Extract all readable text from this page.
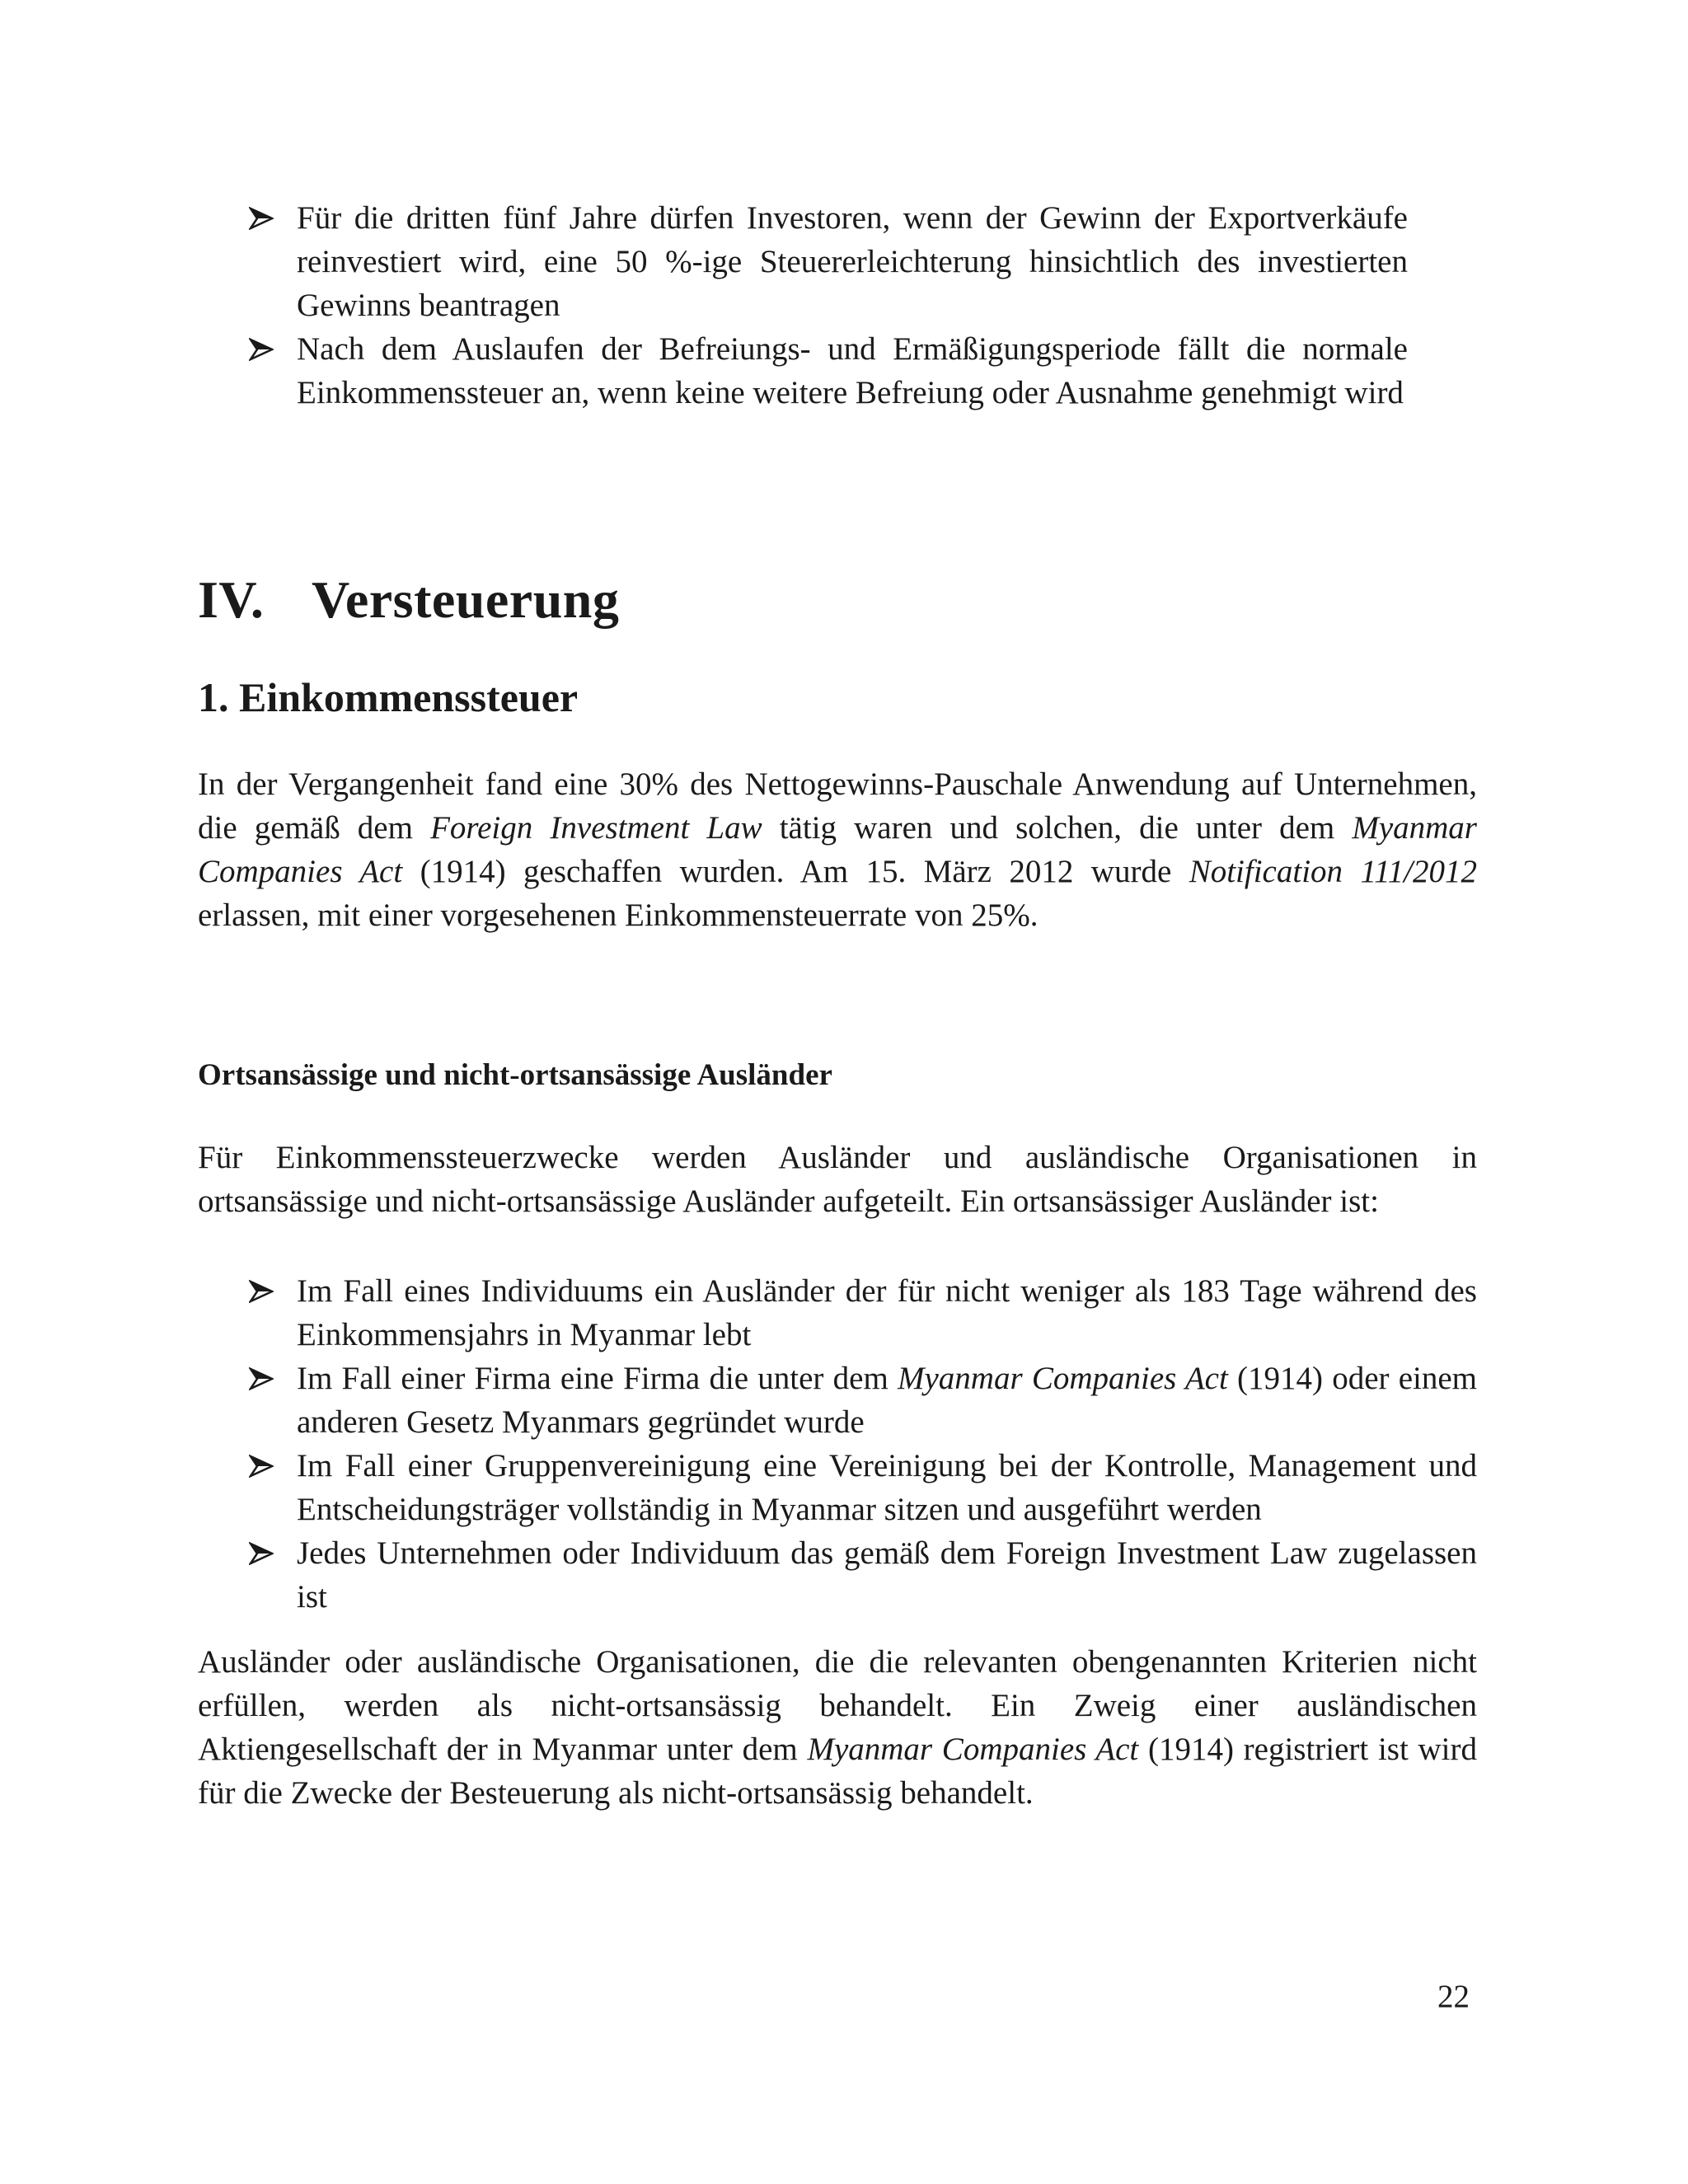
Für die dritten fünf Jahre dürfen Investoren, wenn der Gewinn der Exportverkäufe reinvestiert wird, eine 50 %-ige Steuererleichterung hinsichtlich des investierten Gewinns beantragen
Nach dem Auslaufen der Befreiungs- und Ermäßigungsperiode fällt die normale Einkommenssteuer an, wenn keine weitere Befreiung oder Ausnahme genehmigt wird
IV. Versteuerung
1. Einkommenssteuer

In der Vergangenheit fand eine 30% des Nettogewinns-Pauschale Anwendung auf Unternehmen, die gemäß dem Foreign Investment Law tätig waren und solchen, die unter dem Myanmar Companies Act (1914) geschaffen wurden. Am 15. März 2012 wurde Notification 111/2012 erlassen, mit einer vorgesehenen Einkommensteuerrate von 25%.

Ortsansässige und nicht-ortsansässige Ausländer

Für Einkommenssteuerzwecke werden Ausländer und ausländische Organisationen in ortsansässige und nicht-ortsansässige Ausländer aufgeteilt. Ein ortsansässiger Ausländer ist:

Im Fall eines Individuums ein Ausländer der für nicht weniger als 183 Tage während des Einkommensjahrs in Myanmar lebt
Im Fall einer Firma eine Firma die unter dem Myanmar Companies Act (1914) oder einem anderen Gesetz Myanmars gegründet wurde
Im Fall einer Gruppenvereinigung eine Vereinigung bei der Kontrolle, Management und Entscheidungsträger vollständig in Myanmar sitzen und ausgeführt werden
Jedes Unternehmen oder Individuum das gemäß dem Foreign Investment Law zugelassen ist

Ausländer oder ausländische Organisationen, die die relevanten obengenannten Kriterien nicht erfüllen, werden als nicht-ortsansässig behandelt. Ein Zweig einer ausländischen Aktiengesellschaft der in Myanmar unter dem Myanmar Companies Act (1914) registriert ist wird für die Zwecke der Besteuerung als nicht-ortsansässig behandelt.

22
